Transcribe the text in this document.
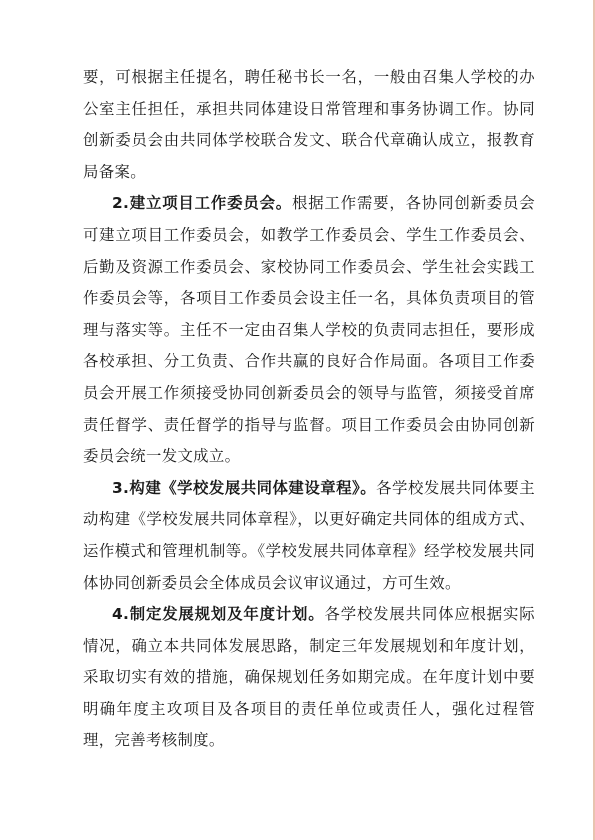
要，可根据主任提名，聘任秘书长一名，一般由召集人学校的办公室主任担任，承担共同体建设日常管理和事务协调工作。协同创新委员会由共同体学校联合发文、联合代章确认成立，报教育局备案。

2.建立项目工作委员会。根据工作需要，各协同创新委员会可建立项目工作委员会，如教学工作委员会、学生工作委员会、后勤及资源工作委员会、家校协同工作委员会、学生社会实践工作委员会等，各项目工作委员会设主任一名，具体负责项目的管理与落实等。主任不一定由召集人学校的负责同志担任，要形成各校承担、分工负责、合作共赢的良好合作局面。各项目工作委员会开展工作须接受协同创新委员会的领导与监管，须接受首席责任督学、责任督学的指导与监督。项目工作委员会由协同创新委员会统一发文成立。

3.构建《学校发展共同体建设章程》。各学校发展共同体要主动构建《学校发展共同体章程》，以更好确定共同体的组成方式、运作模式和管理机制等。《学校发展共同体章程》经学校发展共同体协同创新委员会全体成员会议审议通过，方可生效。

4.制定发展规划及年度计划。各学校发展共同体应根据实际情况，确立本共同体发展思路，制定三年发展规划和年度计划，采取切实有效的措施，确保规划任务如期完成。在年度计划中要明确年度主攻项目及各项目的责任单位或责任人，强化过程管理，完善考核制度。
